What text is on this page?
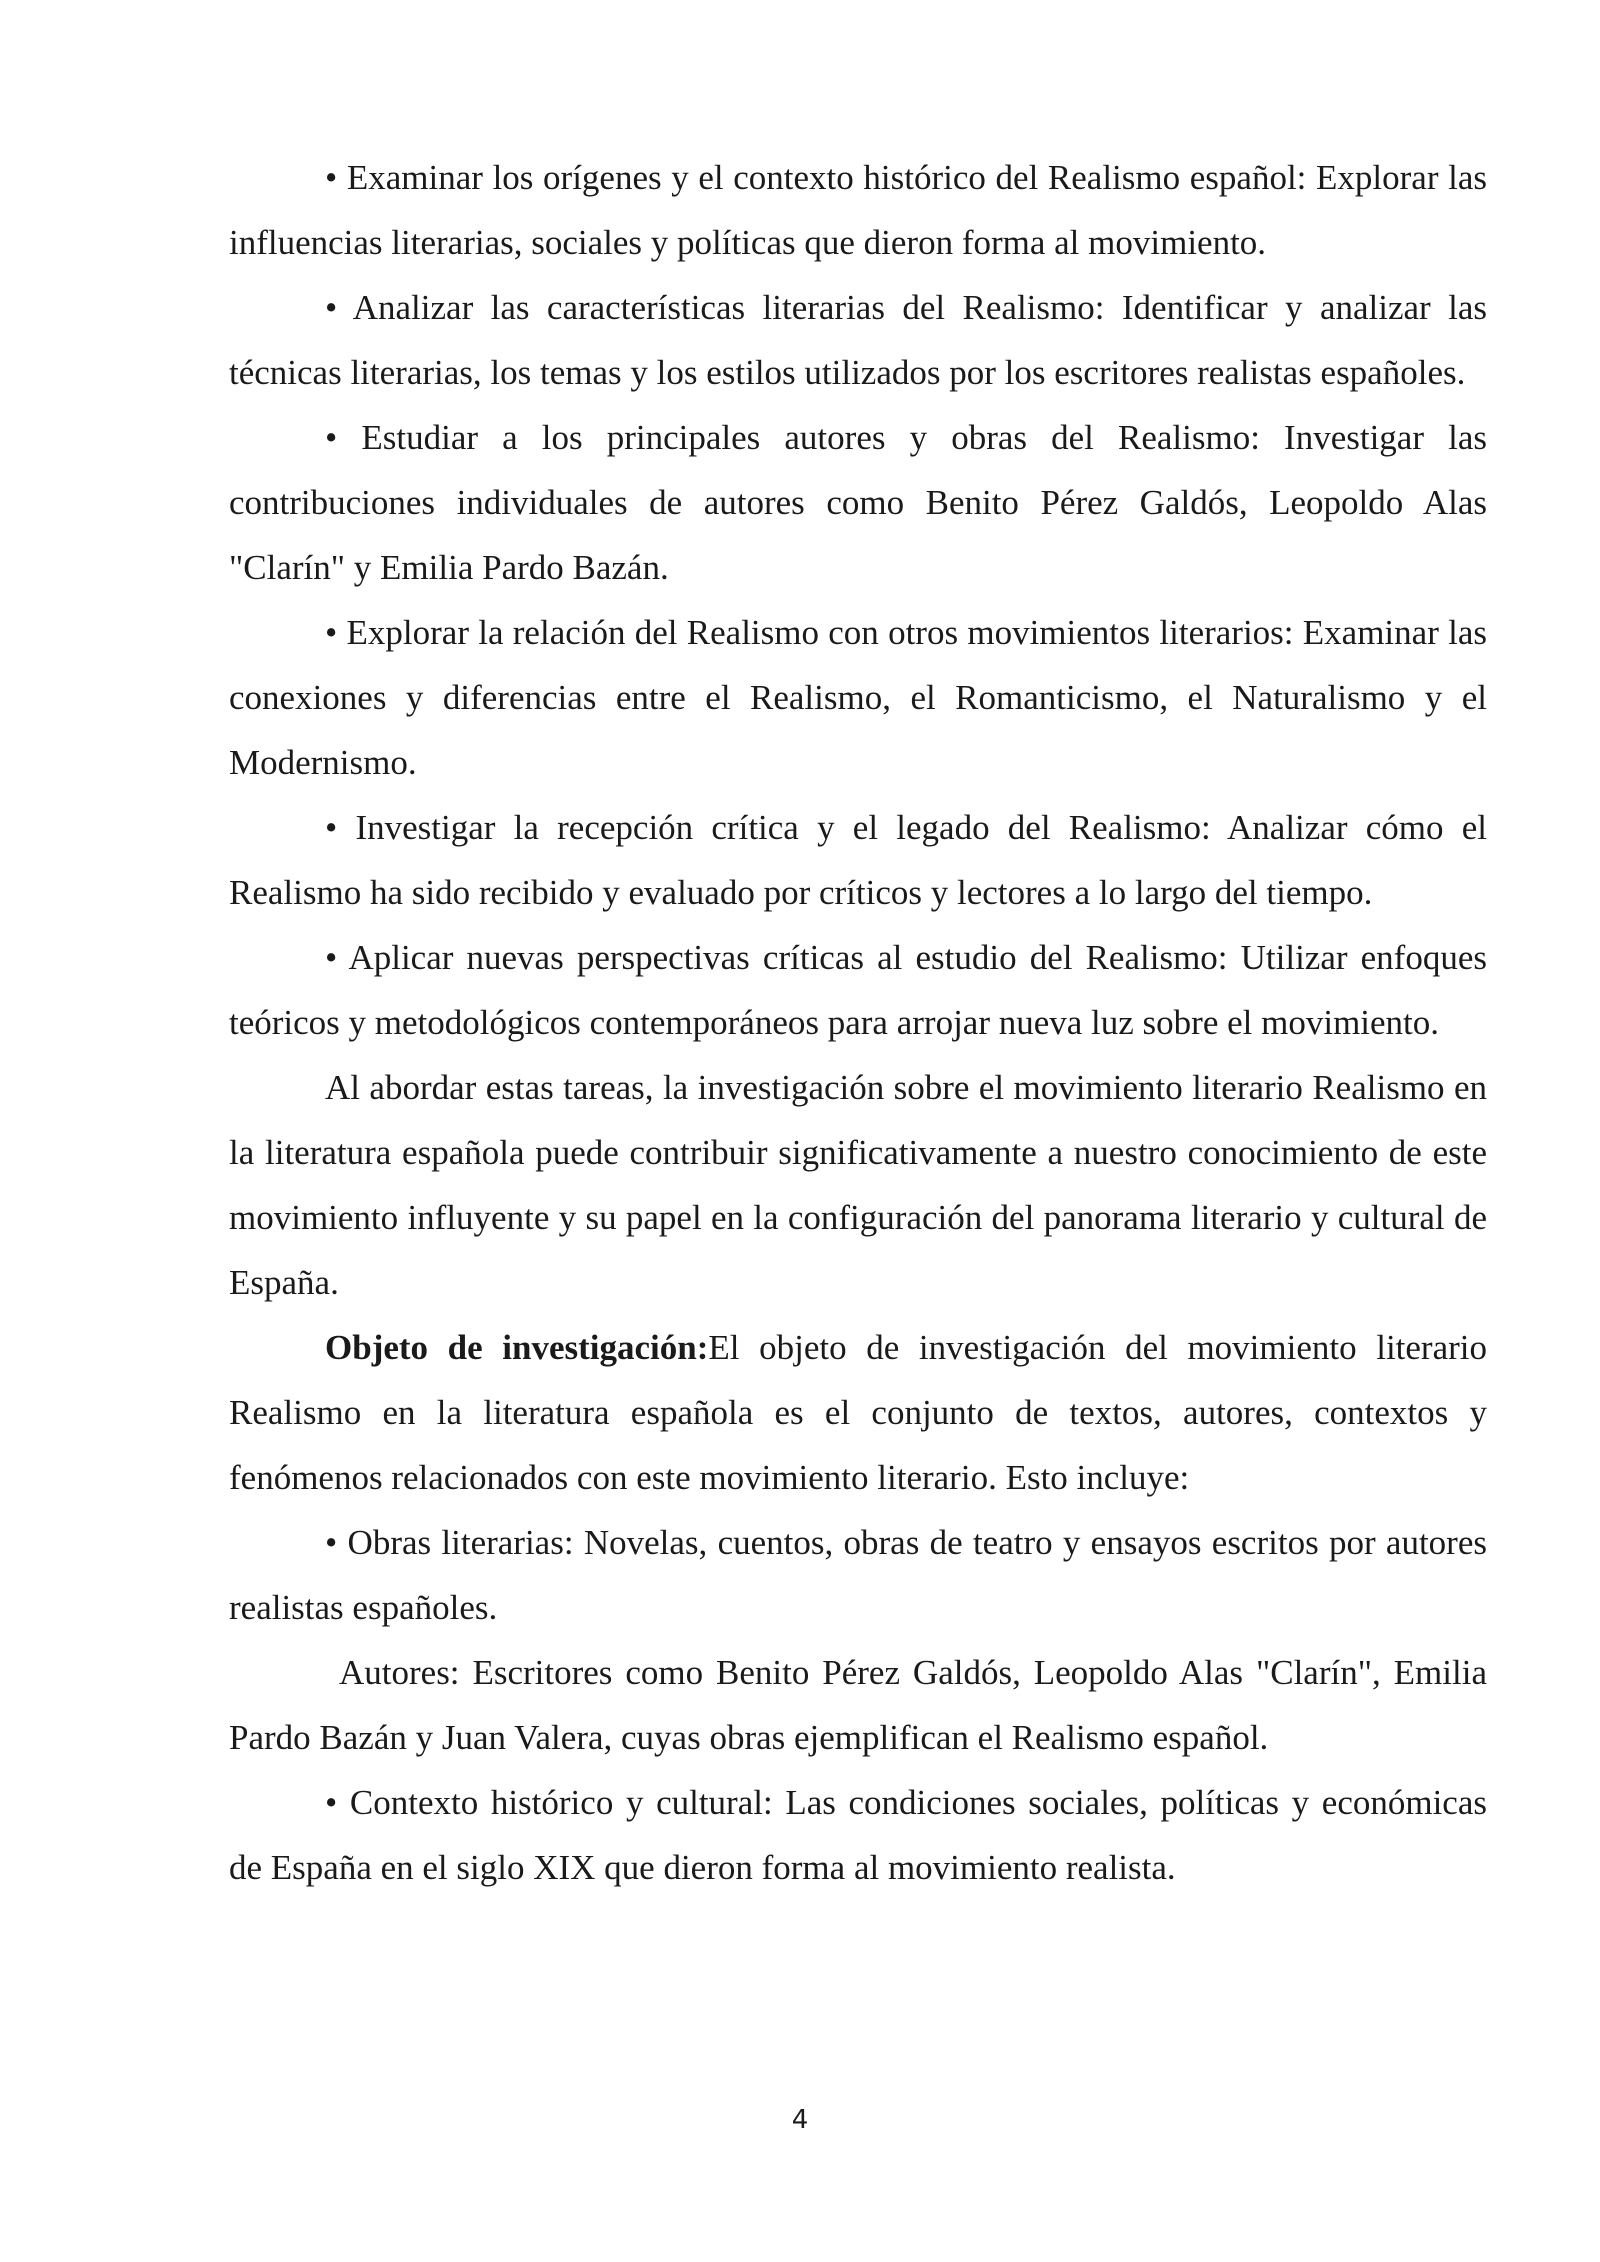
• Examinar los orígenes y el contexto histórico del Realismo español: Explorar las influencias literarias, sociales y políticas que dieron forma al movimiento.

• Analizar las características literarias del Realismo: Identificar y analizar las técnicas literarias, los temas y los estilos utilizados por los escritores realistas españoles.

• Estudiar a los principales autores y obras del Realismo: Investigar las contribuciones individuales de autores como Benito Pérez Galdós, Leopoldo Alas "Clarín" y Emilia Pardo Bazán.

• Explorar la relación del Realismo con otros movimientos literarios: Examinar las conexiones y diferencias entre el Realismo, el Romanticismo, el Naturalismo y el Modernismo.

• Investigar la recepción crítica y el legado del Realismo: Analizar cómo el Realismo ha sido recibido y evaluado por críticos y lectores a lo largo del tiempo.

• Aplicar nuevas perspectivas críticas al estudio del Realismo: Utilizar enfoques teóricos y metodológicos contemporáneos para arrojar nueva luz sobre el movimiento.

Al abordar estas tareas, la investigación sobre el movimiento literario Realismo en la literatura española puede contribuir significativamente a nuestro conocimiento de este movimiento influyente y su papel en la configuración del panorama literario y cultural de España.

Objeto de investigación:El objeto de investigación del movimiento literario Realismo en la literatura española es el conjunto de textos, autores, contextos y fenómenos relacionados con este movimiento literario. Esto incluye:

• Obras literarias: Novelas, cuentos, obras de teatro y ensayos escritos por autores realistas españoles.

Autores: Escritores como Benito Pérez Galdós, Leopoldo Alas "Clarín", Emilia Pardo Bazán y Juan Valera, cuyas obras ejemplifican el Realismo español.

• Contexto histórico y cultural: Las condiciones sociales, políticas y económicas de España en el siglo XIX que dieron forma al movimiento realista.

4
